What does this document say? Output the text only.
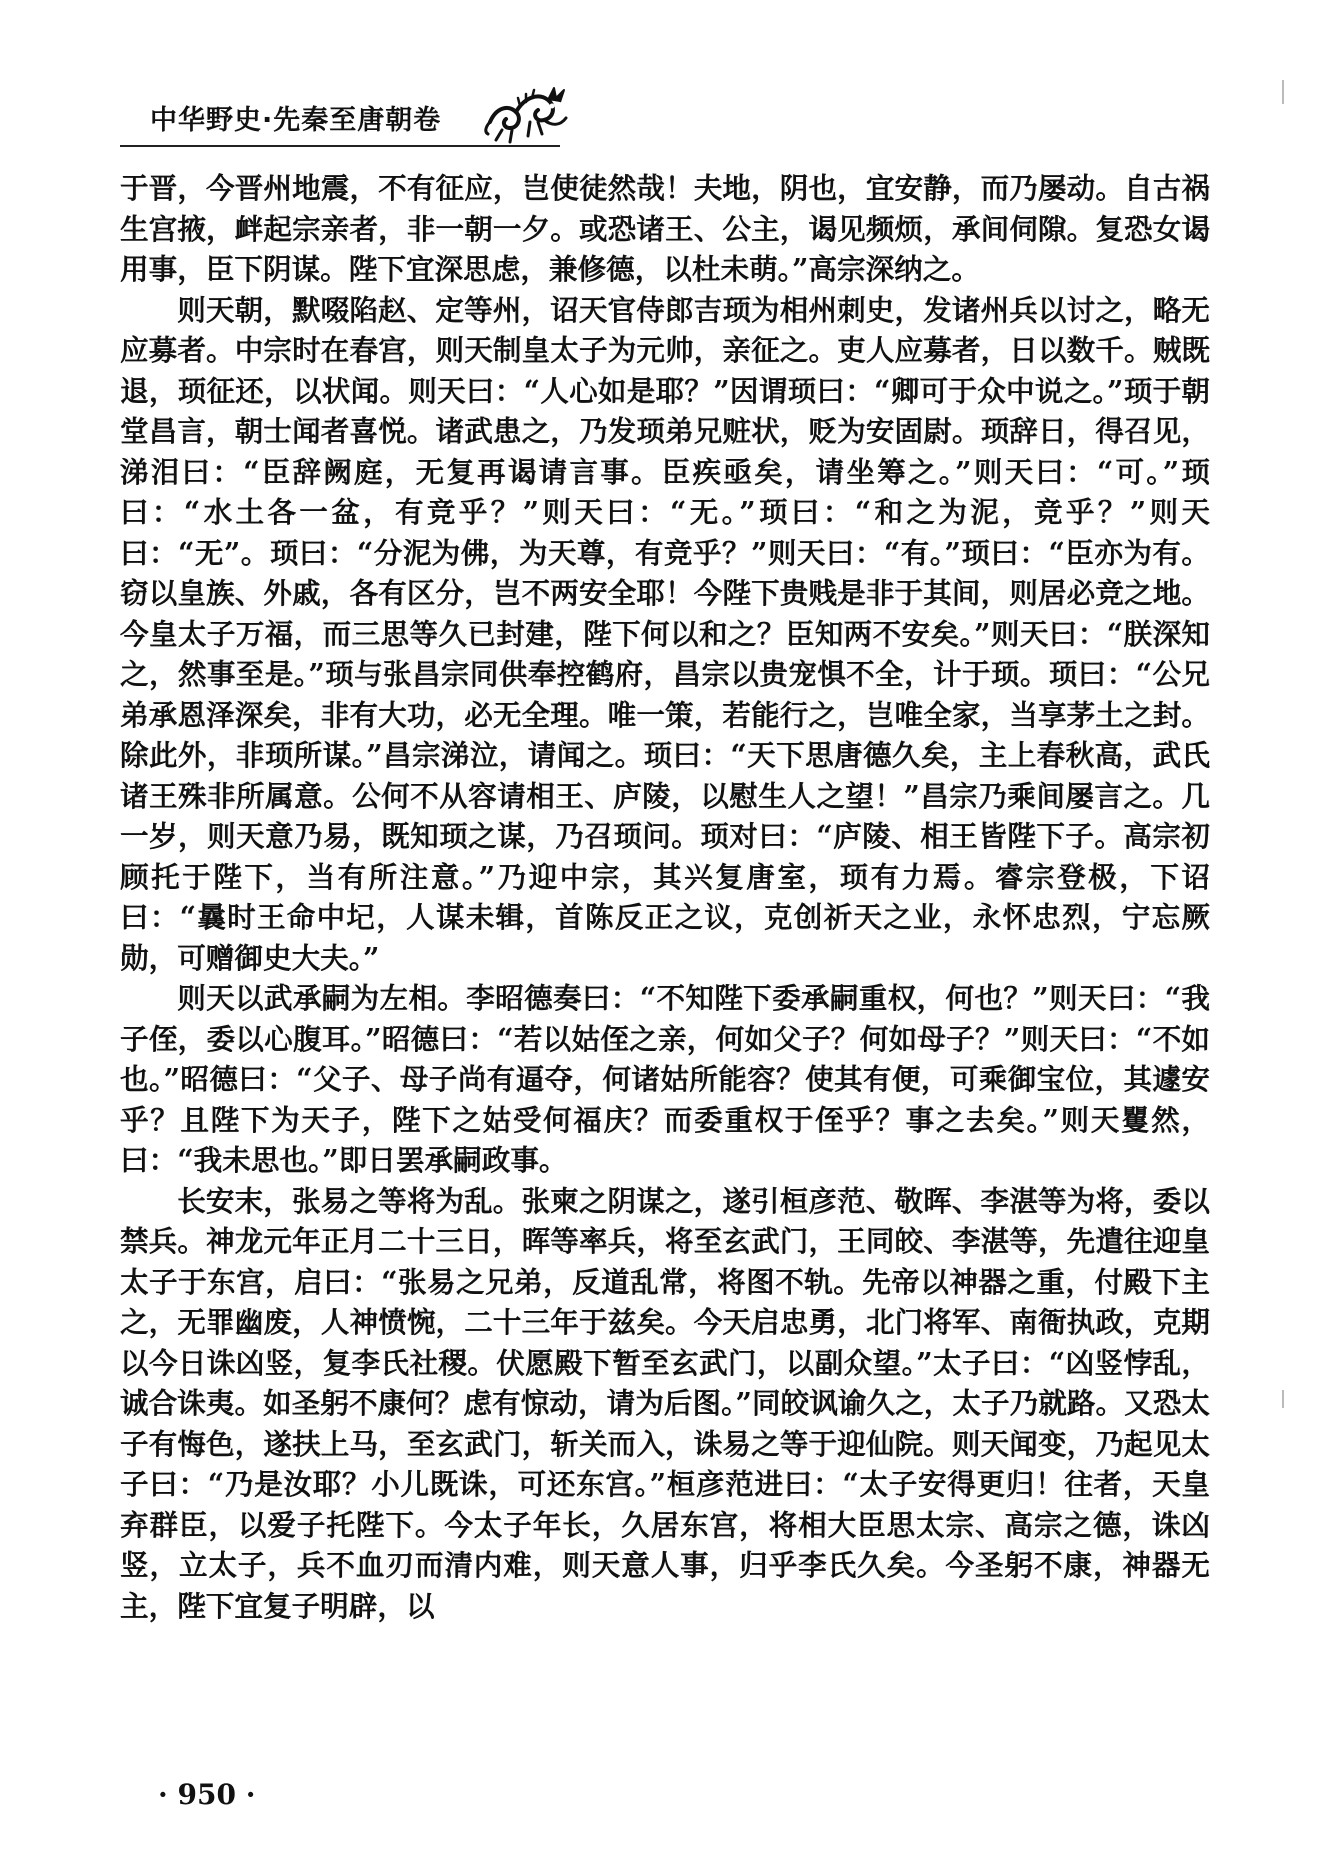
中华野史·先秦至唐朝卷

于晋，今晋州地震，不有征应，岂使徒然哉！夫地，阴也，宜安静，而乃屡动。自古祸生宫掖，衅起宗亲者，非一朝一夕。或恐诸王、公主，谒见频烦，承间伺隙。复恐女谒用事，臣下阴谋。陛下宜深思虑，兼修德，以杜未萌。”高宗深纳之。

则天朝，默啜陷赵、定等州，诏天官侍郎吉顼为相州刺史，发诸州兵以讨之，略无应募者。中宗时在春宫，则天制皇太子为元帅，亲征之。吏人应募者，日以数千。贼既退，顼征还，以状闻。则天曰：“人心如是耶？”因谓顼曰：“卿可于众中说之。”顼于朝堂昌言，朝士闻者喜悦。诸武患之，乃发顼弟兄赃状，贬为安固尉。顼辞日，得召见，涕泪曰：“臣辞阙庭，无复再谒请言事。臣疾亟矣，请坐筹之。”则天曰：“可。”顼曰：“水土各一盆，有竞乎？”则天曰：“无。”顼曰：“和之为泥，竞乎？”则天曰：“无”。顼曰：“分泥为佛，为天尊，有竞乎？”则天曰：“有。”顼曰：“臣亦为有。窃以皇族、外戚，各有区分，岂不两安全耶！今陛下贵贱是非于其间，则居必竞之地。今皇太子万福，而三思等久已封建，陛下何以和之？臣知两不安矣。”则天曰：“朕深知之，然事至是。”顼与张昌宗同供奉控鹤府，昌宗以贵宠惧不全，计于顼。顼曰：“公兄弟承恩泽深矣，非有大功，必无全理。唯一策，若能行之，岂唯全家，当享茅土之封。除此外，非顼所谋。”昌宗涕泣，请闻之。顼曰：“天下思唐德久矣，主上春秋高，武氏诸王殊非所属意。公何不从容请相王、庐陵，以慰生人之望！”昌宗乃乘间屡言之。几一岁，则天意乃易，既知顼之谋，乃召顼问。顼对曰：“庐陵、相王皆陛下子。高宗初顾托于陛下，当有所注意。”乃迎中宗，其兴复唐室，顼有力焉。睿宗登极，下诏曰：“曩时王命中圮，人谋未辑，首陈反正之议，克创祈天之业，永怀忠烈，宁忘厥勋，可赠御史大夫。”

则天以武承嗣为左相。李昭德奏曰：“不知陛下委承嗣重权，何也？”则天曰：“我子侄，委以心腹耳。”昭德曰：“若以姑侄之亲，何如父子？何如母子？”则天曰：“不如也。”昭德曰：“父子、母子尚有逼夺，何诸姑所能容？使其有便，可乘御宝位，其遽安乎？且陛下为天子，陛下之姑受何福庆？而委重权于侄乎？事之去矣。”则天矍然，曰：“我未思也。”即日罢承嗣政事。

长安末，张易之等将为乱。张柬之阴谋之，遂引桓彦范、敬晖、李湛等为将，委以禁兵。神龙元年正月二十三日，晖等率兵，将至玄武门，王同皎、李湛等，先遣往迎皇太子于东宫，启曰：“张易之兄弟，反道乱常，将图不轨。先帝以神器之重，付殿下主之，无罪幽废，人神愤惋，二十三年于兹矣。今天启忠勇，北门将军、南衙执政，克期以今日诛凶竖，复李氏社稷。伏愿殿下暂至玄武门，以副众望。”太子曰：“凶竖悖乱，诚合诛夷。如圣躬不康何？虑有惊动，请为后图。”同皎讽谕久之，太子乃就路。又恐太子有悔色，遂扶上马，至玄武门，斩关而入，诛易之等于迎仙院。则天闻变，乃起见太子曰：“乃是汝耶？小儿既诛，可还东宫。”桓彦范进曰：“太子安得更归！往者，天皇弃群臣，以爱子托陛下。今太子年长，久居东宫，将相大臣思太宗、高宗之德，诛凶竖，立太子，兵不血刃而清内难，则天意人事，归乎李氏久矣。今圣躬不康，神器无主，陛下宜复子明辟，以

· 950 ·
